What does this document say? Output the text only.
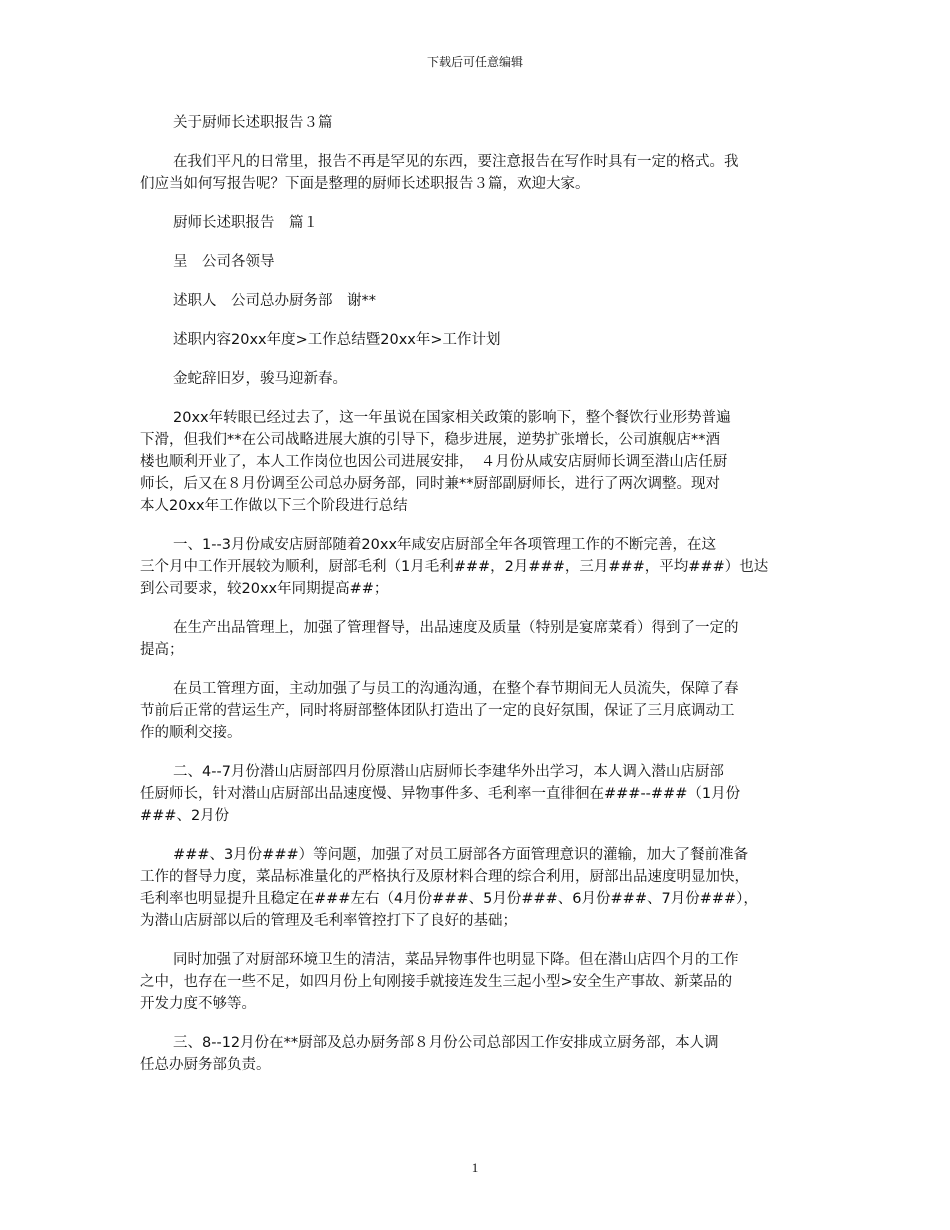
下载后可任意编辑
关于厨师长述职报告３篇
在我们平凡的日常里，报告不再是罕见的东西，要注意报告在写作时具有一定的格式。我
们应当如何写报告呢？下面是整理的厨师长述职报告３篇，欢迎大家。
厨师长述职报告　篇１
呈　公司各领导
述职人　公司总办厨务部　谢**
述职内容20xx年度>工作总结暨20xx年>工作计划
金蛇辞旧岁，骏马迎新春。
20xx年转眼已经过去了，这一年虽说在国家相关政策的影响下，整个餐饮行业形势普遍
下滑，但我们**在公司战略进展大旗的引导下，稳步进展，逆势扩张增长，公司旗舰店**酒
楼也顺利开业了，本人工作岗位也因公司进展安排，　４月份从咸安店厨师长调至潜山店任厨
师长，后又在８月份调至公司总办厨务部，同时兼**厨部副厨师长，进行了两次调整。现对
本人20xx年工作做以下三个阶段进行总结
一、1--3月份咸安店厨部随着20xx年咸安店厨部全年各项管理工作的不断完善，在这
三个月中工作开展较为顺利，厨部毛利（1月毛利###，2月###，三月###，平均###）也达
到公司要求，较20xx年同期提高##；
在生产出品管理上，加强了管理督导，出品速度及质量（特别是宴席菜肴）得到了一定的
提高；
在员工管理方面，主动加强了与员工的沟通沟通，在整个春节期间无人员流失，保障了春
节前后正常的营运生产，同时将厨部整体团队打造出了一定的良好氛围，保证了三月底调动工
作的顺利交接。
二、4--7月份潜山店厨部四月份原潜山店厨师长李建华外出学习，本人调入潜山店厨部
任厨师长，针对潜山店厨部出品速度慢、异物事件多、毛利率一直徘徊在###--###（1月份
###、2月份
###、3月份###）等问题，加强了对员工厨部各方面管理意识的灌输，加大了餐前准备
工作的督导力度，菜品标准量化的严格执行及原材料合理的综合利用，厨部出品速度明显加快，
毛利率也明显提升且稳定在###左右（4月份###、5月份###、6月份###、7月份###），
为潜山店厨部以后的管理及毛利率管控打下了良好的基础；
同时加强了对厨部环境卫生的清洁，菜品异物事件也明显下降。但在潜山店四个月的工作
之中，也存在一些不足，如四月份上旬刚接手就接连发生三起小型>安全生产事故、新菜品的
开发力度不够等。
三、8--12月份在**厨部及总办厨务部８月份公司总部因工作安排成立厨务部，本人调
任总办厨务部负责。
1
